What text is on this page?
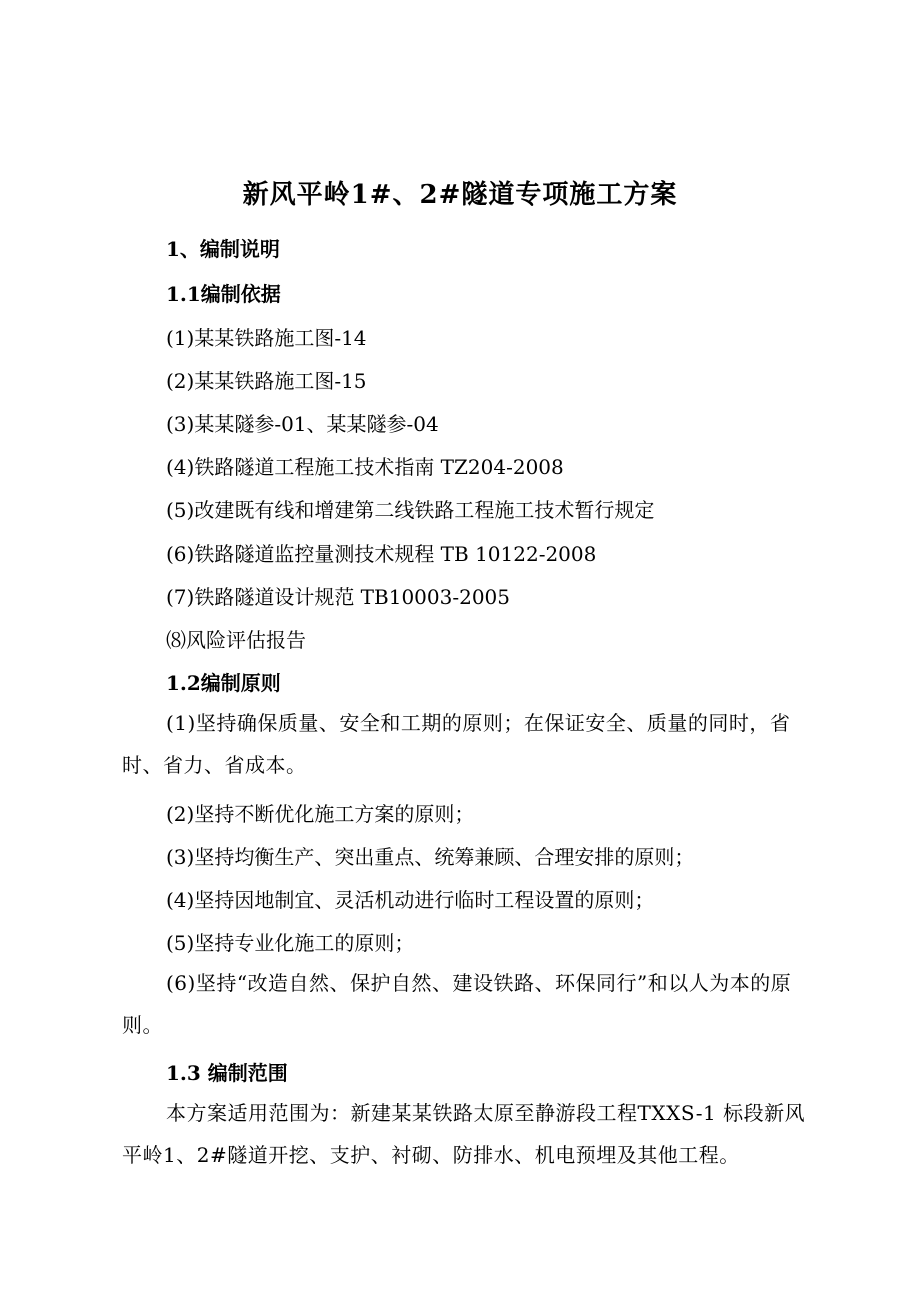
新风平岭1#、2#隧道专项施工方案
1、编制说明
1.1编制依据
(1)某某铁路施工图-14
(2)某某铁路施工图-15
(3)某某隧参-01、某某隧参-04
(4)铁路隧道工程施工技术指南 TZ204-2008
(5)改建既有线和增建第二线铁路工程施工技术暂行规定
(6)铁路隧道监控量测技术规程 TB 10122-2008
(7)铁路隧道设计规范 TB10003-2005
⑻风险评估报告
1.2编制原则
(1)坚持确保质量、安全和工期的原则；在保证安全、质量的同时，省时、省力、省成本。
(2)坚持不断优化施工方案的原则；
(3)坚持均衡生产、突出重点、统筹兼顾、合理安排的原则；
(4)坚持因地制宜、灵活机动进行临时工程设置的原则；
(5)坚持专业化施工的原则；
(6)坚持“改造自然、保护自然、建设铁路、环保同行”和以人为本的原则。
1.3 编制范围
本方案适用范围为：新建某某铁路太原至静游段工程TXXS-1 标段新风平岭1、2#隧道开挖、支护、衬砌、防排水、机电预埋及其他工程。
